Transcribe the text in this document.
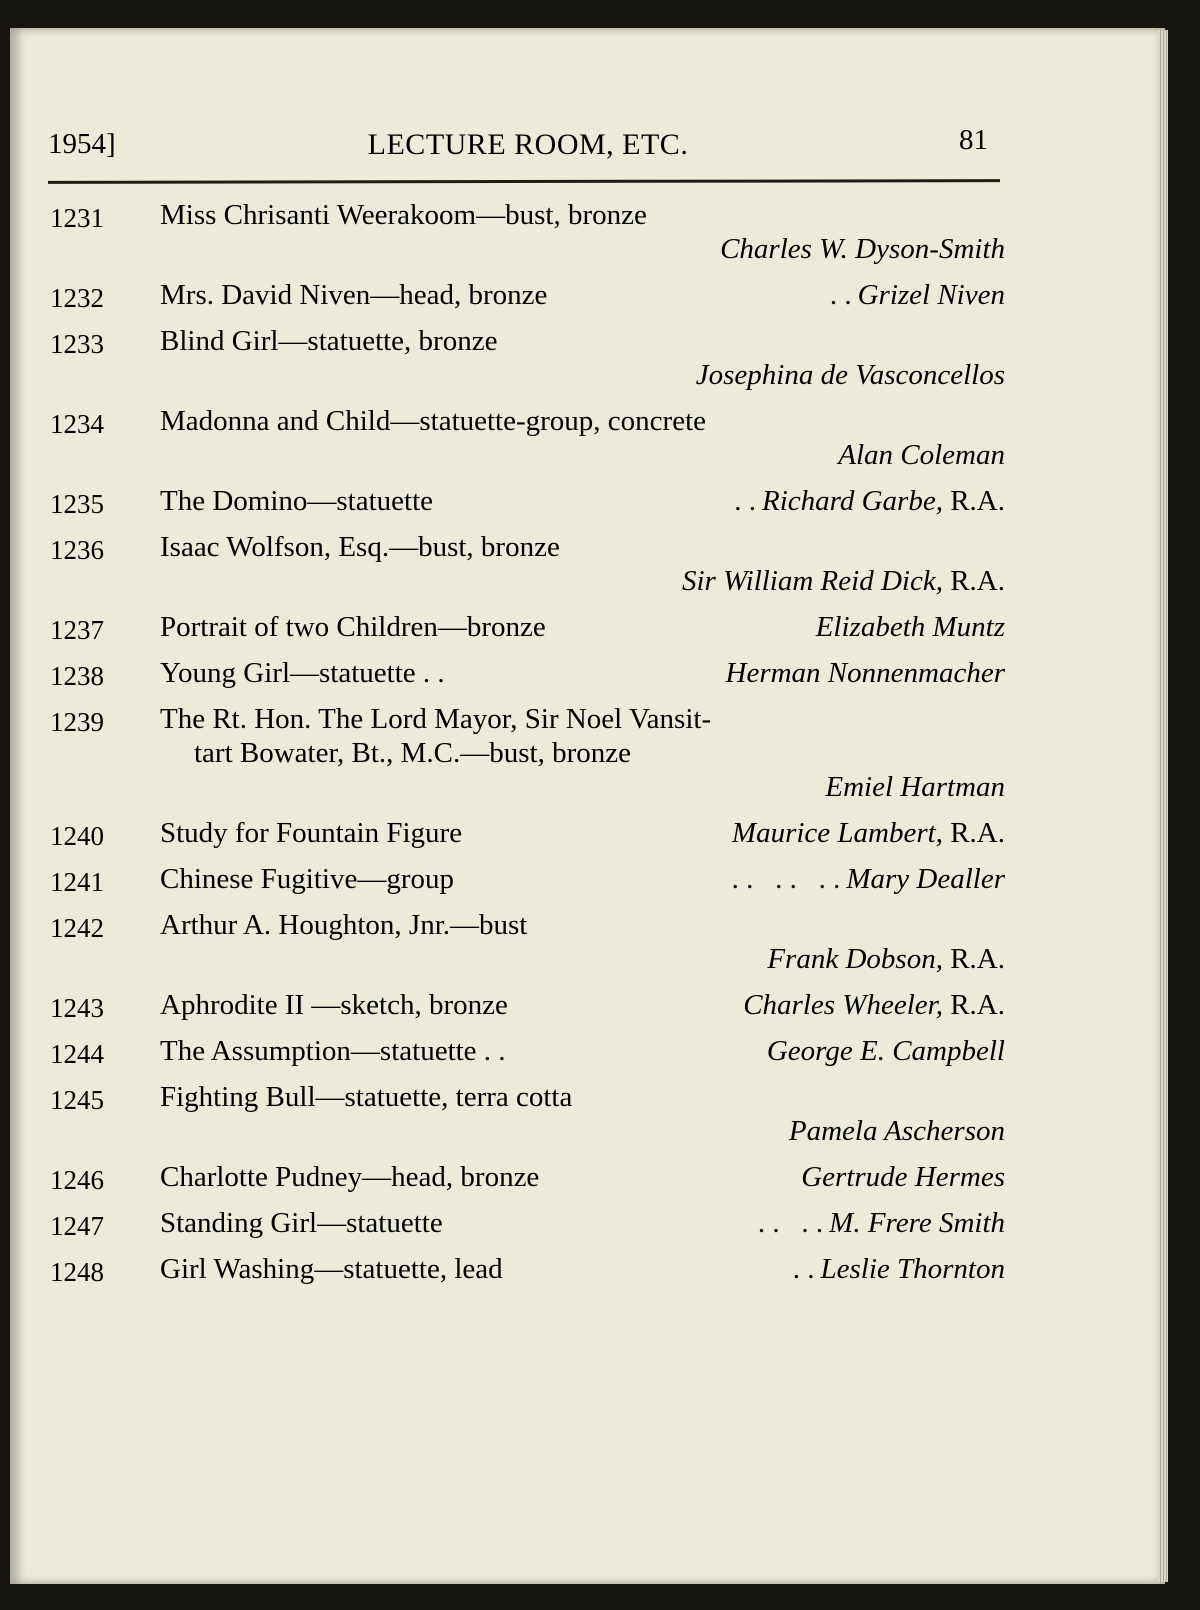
1954]	LECTURE ROOM, ETC.	81
1231	Miss Chrisanti Weerakoom—bust, bronze
Charles W. Dyson-Smith
1232	Mrs. David Niven—head, bronze	. . Grizel Niven
1233	Blind Girl—statuette, bronze
Josephina de Vasconcellos
1234	Madonna and Child—statuette-group, concrete
Alan Coleman
1235	The Domino—statuette	. . Richard Garbe, R.A.
1236	Isaac Wolfson, Esq.—bust, bronze
Sir William Reid Dick, R.A.
1237	Portrait of two Children—bronze	Elizabeth Muntz
1238	Young Girl—statuette . .	Herman Nonnenmacher
1239	The Rt. Hon. The Lord Mayor, Sir Noel Vansit-
tart Bowater, Bt., M.C.—bust, bronze
Emiel Hartman
1240	Study for Fountain Figure	Maurice Lambert, R.A.
1241	Chinese Fugitive—group	. .   . .   . . Mary Dealler
1242	Arthur A. Houghton, Jnr.—bust
Frank Dobson, R.A.
1243	Aphrodite II —sketch, bronze	Charles Wheeler, R.A.
1244	The Assumption—statuette . .	George E. Campbell
1245	Fighting Bull—statuette, terra cotta
Pamela Ascherson
1246	Charlotte Pudney—head, bronze	Gertrude Hermes
1247	Standing Girl—statuette	. .   . . M. Frere Smith
1248	Girl Washing—statuette, lead	. . Leslie Thornton
